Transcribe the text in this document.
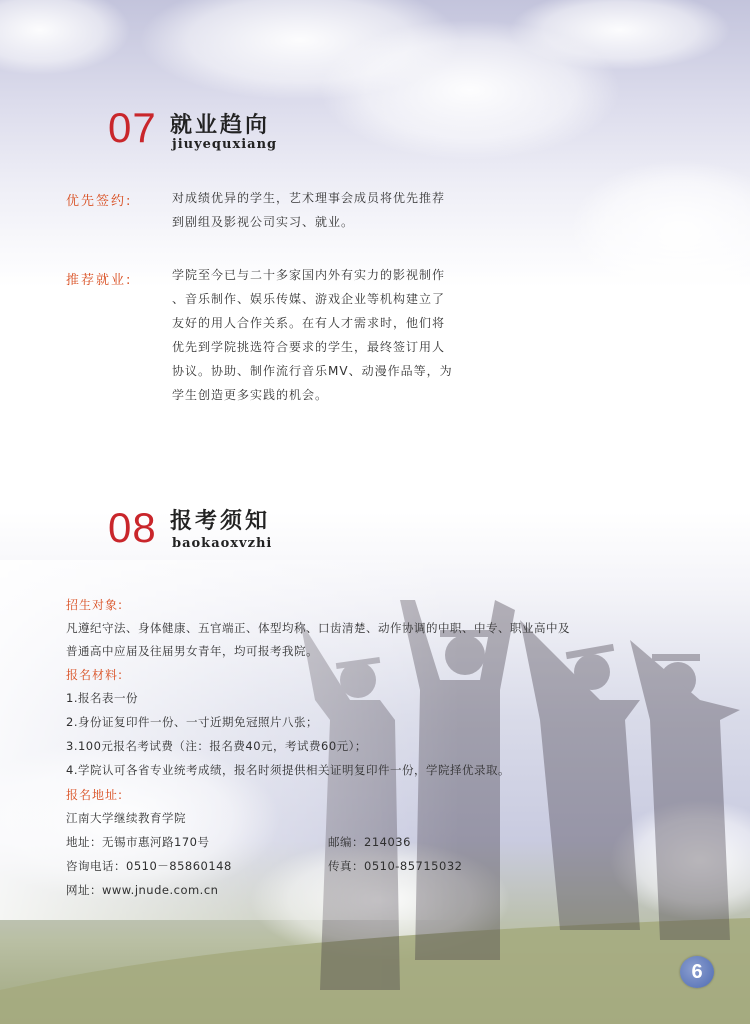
07 就业趋向
jiuyequxiang
优先签约:	对成绩优异的学生，艺术理事会成员将优先推荐

到剧组及影视公司实习、就业。

推荐就业:	学院至今已与二十多家国内外有实力的影视制作

、音乐制作、娱乐传媒、游戏企业等机构建立了

友好的用人合作关系。在有人才需求时，他们将

优先到学院挑选符合要求的学生，最终签订用人

协议。协助、制作流行音乐MV、动漫作品等，为

学生创造更多实践的机会。

08 报考须知
baokaoxvzhi
招生对象:
凡遵纪守法、身体健康、五官端正、体型均称、口齿清楚、动作协调的中职、中专、职业高中及
普通高中应届及往届男女青年，均可报考我院。
报名材料:
1.报名表一份
2.身份证复印件一份、一寸近期免冠照片八张；
3.100元报名考试费（注：报名费40元，考试费60元）；
4.学院认可各省专业统考成绩，报名时须提供相关证明复印件一份，学院择优录取。
报名地址:
江南大学继续教育学院
地址：无锡市惠河路170号	邮编：214036
咨询电话：0510－85860148	传真：0510-85715032
网址：www.jnude.com.cn
6
